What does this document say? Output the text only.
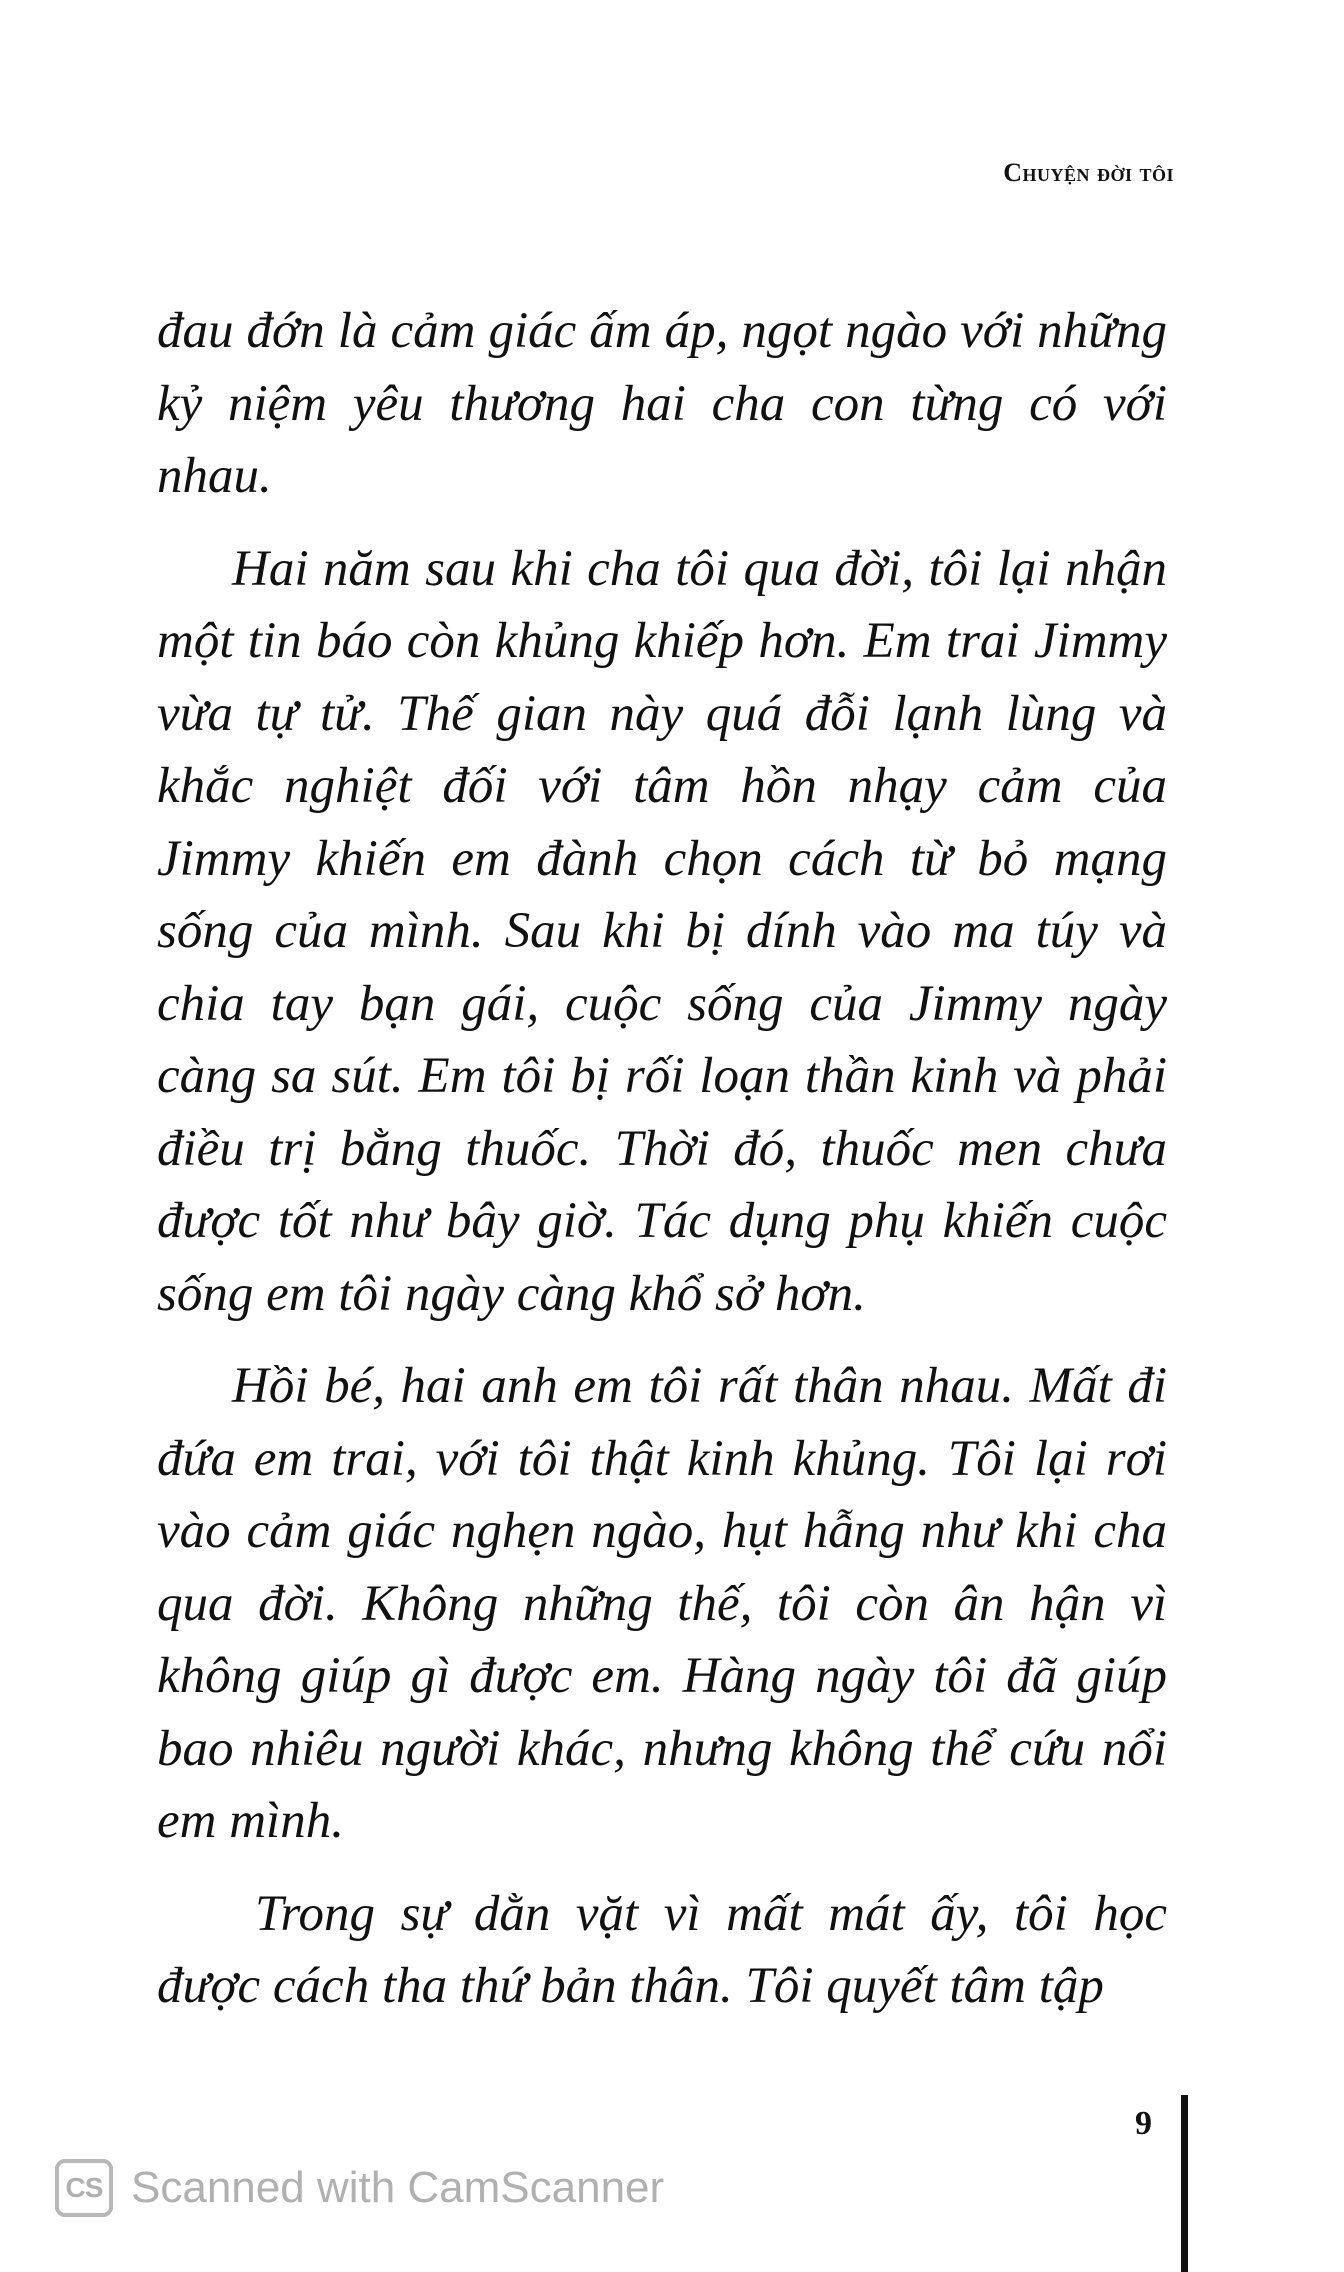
Chuyện đời tôi

đau đớn là cảm giác ấm áp, ngọt ngào với những kỷ niệm yêu thương hai cha con từng có với nhau.

Hai năm sau khi cha tôi qua đời, tôi lại nhận một tin báo còn khủng khiếp hơn. Em trai Jimmy vừa tự tử. Thế gian này quá đỗi lạnh lùng và khắc nghiệt đối với tâm hồn nhạy cảm của Jimmy khiến em đành chọn cách từ bỏ mạng sống của mình. Sau khi bị dính vào ma túy và chia tay bạn gái, cuộc sống của Jimmy ngày càng sa sút. Em tôi bị rối loạn thần kinh và phải điều trị bằng thuốc. Thời đó, thuốc men chưa được tốt như bây giờ. Tác dụng phụ khiến cuộc sống em tôi ngày càng khổ sở hơn.

Hồi bé, hai anh em tôi rất thân nhau. Mất đi đứa em trai, với tôi thật kinh khủng. Tôi lại rơi vào cảm giác nghẹn ngào, hụt hẫng như khi cha qua đời. Không những thế, tôi còn ân hận vì không giúp gì được em. Hàng ngày tôi đã giúp bao nhiêu người khác, nhưng không thể cứu nổi em mình.

Trong sự dằn vặt vì mất mát ấy, tôi học được cách tha thứ bản thân. Tôi quyết tâm tập

9
CS Scanned with CamScanner
